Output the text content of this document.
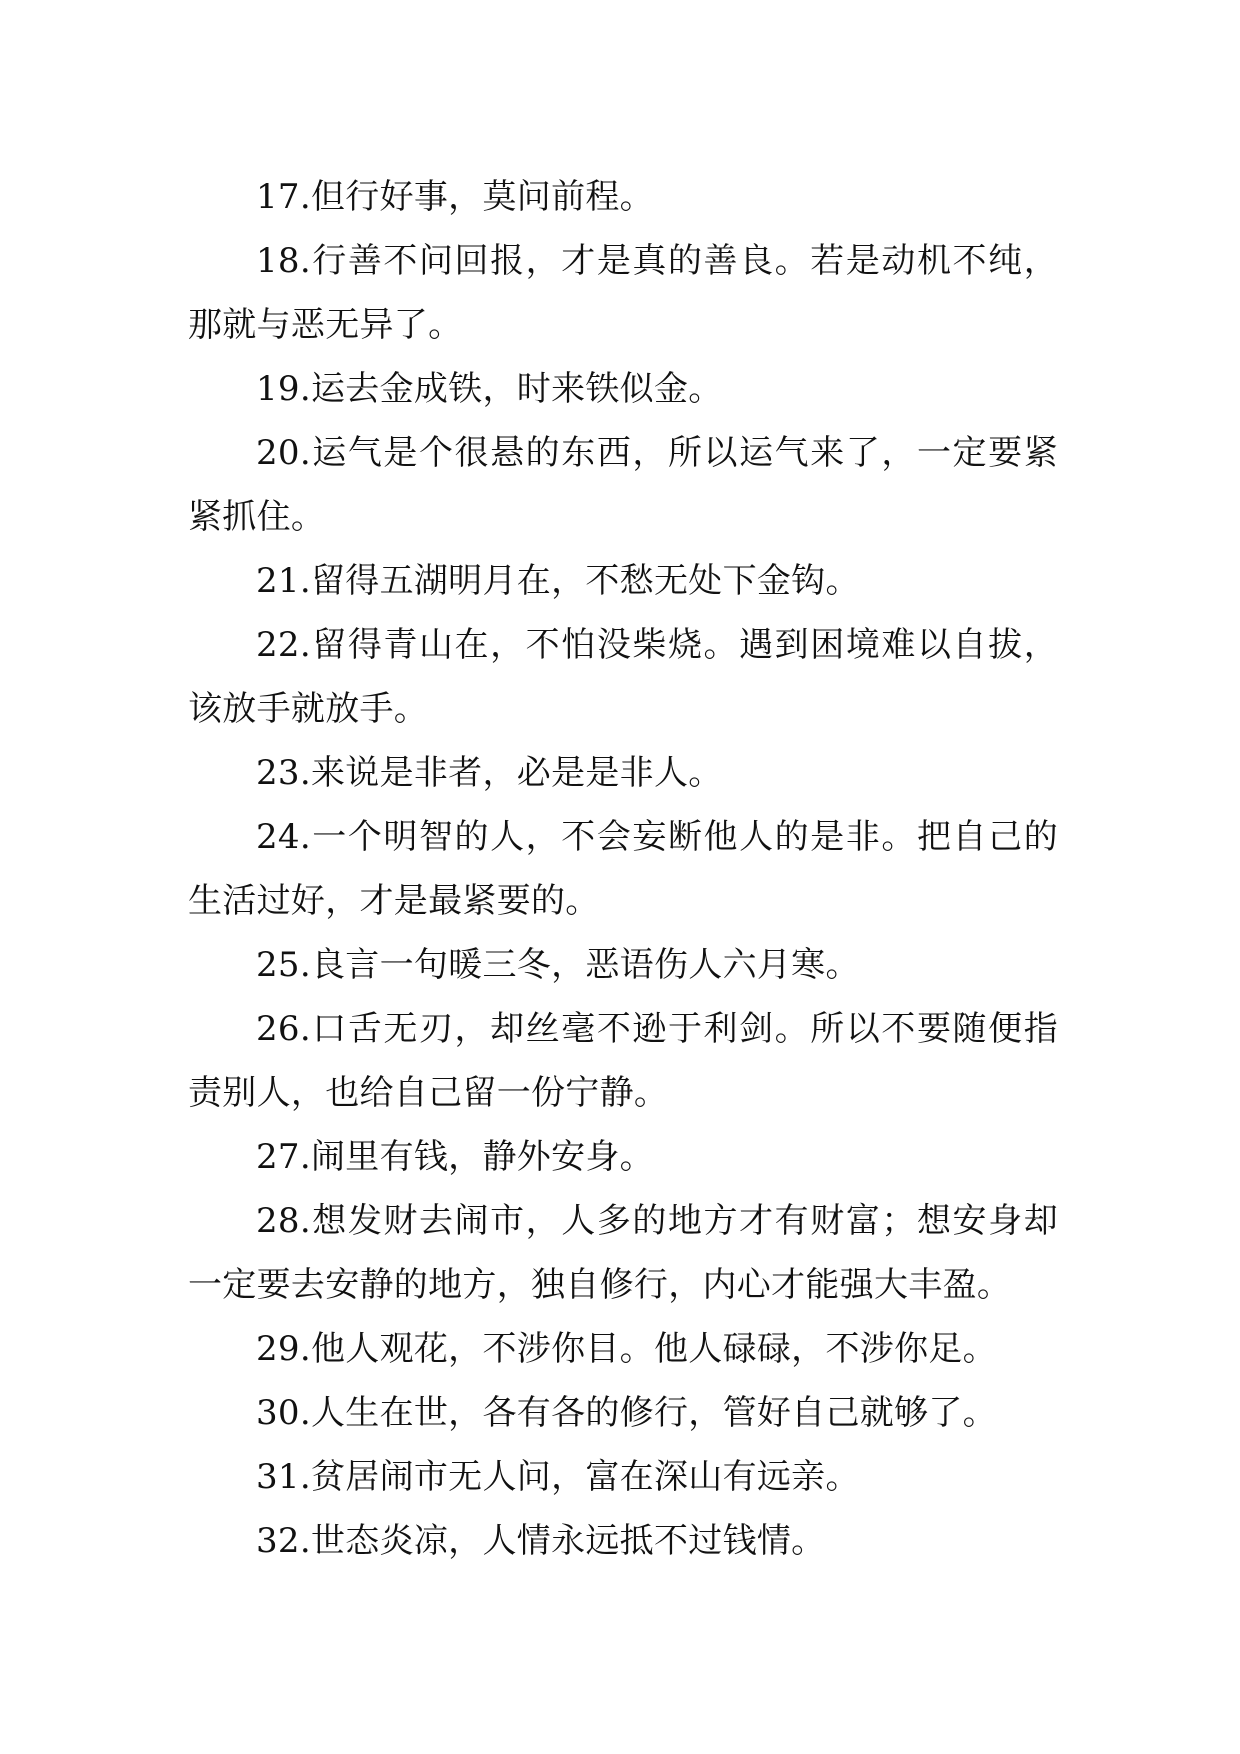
17.但行好事，莫问前程。

18.行善不问回报，才是真的善良。若是动机不纯，那就与恶无异了。

19.运去金成铁，时来铁似金。

20.运气是个很悬的东西，所以运气来了，一定要紧紧抓住。

21.留得五湖明月在，不愁无处下金钩。

22.留得青山在，不怕没柴烧。遇到困境难以自拔，该放手就放手。

23.来说是非者，必是是非人。

24.一个明智的人，不会妄断他人的是非。把自己的生活过好，才是最紧要的。

25.良言一句暖三冬，恶语伤人六月寒。

26.口舌无刃，却丝毫不逊于利剑。所以不要随便指责别人，也给自己留一份宁静。

27.闹里有钱，静外安身。

28.想发财去闹市，人多的地方才有财富；想安身却一定要去安静的地方，独自修行，内心才能强大丰盈。

29.他人观花，不涉你目。他人碌碌，不涉你足。

30.人生在世，各有各的修行，管好自己就够了。

31.贫居闹市无人问，富在深山有远亲。

32.世态炎凉，人情永远抵不过钱情。
